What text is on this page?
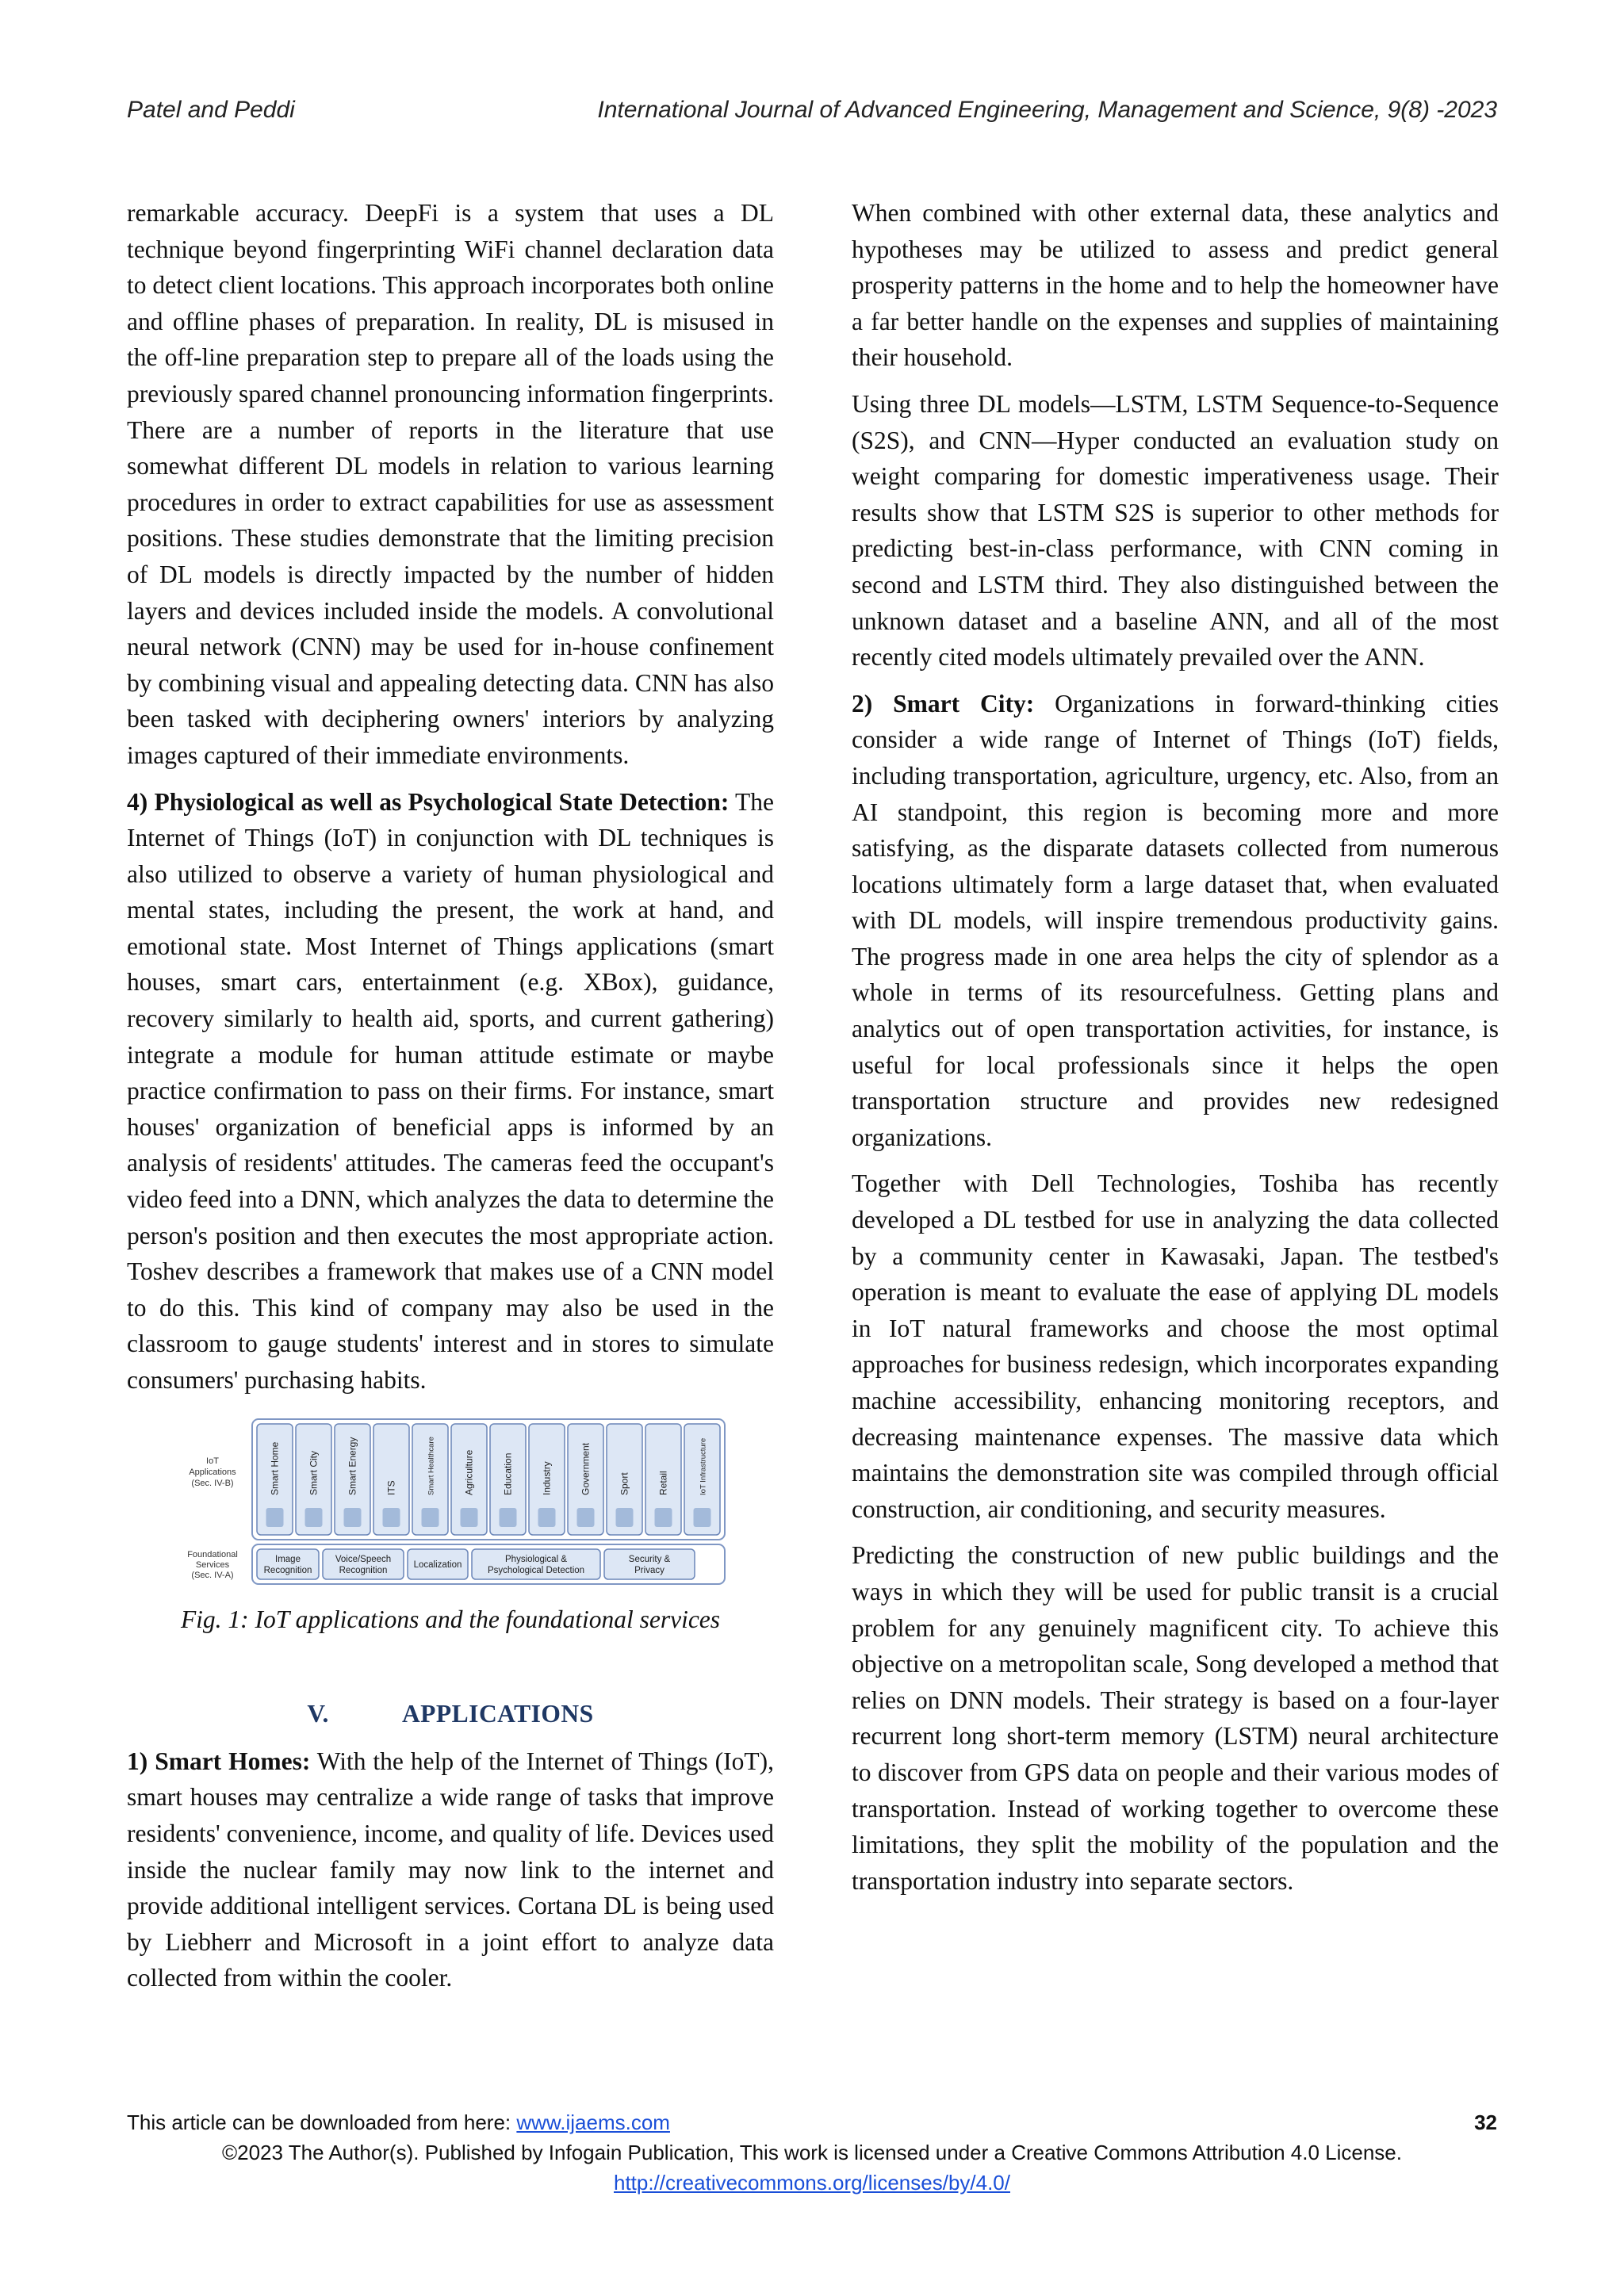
Patel and Peddi	International Journal of Advanced Engineering, Management and Science, 9(8) -2023

remarkable accuracy. DeepFi is a system that uses a DL technique beyond fingerprinting WiFi channel declaration data to detect client locations. This approach incorporates both online and offline phases of preparation. In reality, DL is misused in the off-line preparation step to prepare all of the loads using the previously spared channel pronouncing information fingerprints. There are a number of reports in the literature that use somewhat different DL models in relation to various learning procedures in order to extract capabilities for use as assessment positions. These studies demonstrate that the limiting precision of DL models is directly impacted by the number of hidden layers and devices included inside the models. A convolutional neural network (CNN) may be used for in-house confinement by combining visual and appealing detecting data. CNN has also been tasked with deciphering owners' interiors by analyzing images captured of their immediate environments.

4) Physiological as well as Psychological State Detection: The Internet of Things (IoT) in conjunction with DL techniques is also utilized to observe a variety of human physiological and mental states, including the present, the work at hand, and emotional state. Most Internet of Things applications (smart houses, smart cars, entertainment (e.g. XBox), guidance, recovery similarly to health aid, sports, and current gathering) integrate a module for human attitude estimate or maybe practice confirmation to pass on their firms. For instance, smart houses' organization of beneficial apps is informed by an analysis of residents' attitudes. The cameras feed the occupant's video feed into a DNN, which analyzes the data to determine the person's position and then executes the most appropriate action. Toshev describes a framework that makes use of a CNN model to do this. This kind of company may also be used in the classroom to gauge students' interest and in stores to simulate consumers' purchasing habits.

IoT
Applications
(Sec. IV-B)
Foundational
Services
(Sec. IV-A)
Smart Home	Smart City	Smart Energy	ITS	Smart Healthcare	Agriculture	Education	Industry	Government	Sport	Retail	IoT Infrastructure
Image
Recognition
Voice/Speech
Recognition
Localization
Physiological &
Psychological Detection
Security &
Privacy
Fig. 1: IoT applications and the foundational services
V.	APPLICATIONS

1) Smart Homes: With the help of the Internet of Things (IoT), smart houses may centralize a wide range of tasks that improve residents' convenience, income, and quality of life. Devices used inside the nuclear family may now link to the internet and provide additional intelligent services. Cortana DL is being used by Liebherr and Microsoft in a joint effort to analyze data collected from within the cooler.

When combined with other external data, these analytics and hypotheses may be utilized to assess and predict general prosperity patterns in the home and to help the homeowner have a far better handle on the expenses and supplies of maintaining their household.

Using three DL models—LSTM, LSTM Sequence-to-Sequence (S2S), and CNN—Hyper conducted an evaluation study on weight comparing for domestic imperativeness usage. Their results show that LSTM S2S is superior to other methods for predicting best-in-class performance, with CNN coming in second and LSTM third. They also distinguished between the unknown dataset and a baseline ANN, and all of the most recently cited models ultimately prevailed over the ANN.

2) Smart City: Organizations in forward-thinking cities consider a wide range of Internet of Things (IoT) fields, including transportation, agriculture, urgency, etc. Also, from an AI standpoint, this region is becoming more and more satisfying, as the disparate datasets collected from numerous locations ultimately form a large dataset that, when evaluated with DL models, will inspire tremendous productivity gains. The progress made in one area helps the city of splendor as a whole in terms of its resourcefulness. Getting plans and analytics out of open transportation activities, for instance, is useful for local professionals since it helps the open transportation structure and provides new redesigned organizations.

Together with Dell Technologies, Toshiba has recently developed a DL testbed for use in analyzing the data collected by a community center in Kawasaki, Japan. The testbed's operation is meant to evaluate the ease of applying DL models in IoT natural frameworks and choose the most optimal approaches for business redesign, which incorporates expanding machine accessibility, enhancing monitoring receptors, and decreasing maintenance expenses. The massive data which maintains the demonstration site was compiled through official construction, air conditioning, and security measures.

Predicting the construction of new public buildings and the ways in which they will be used for public transit is a crucial problem for any genuinely magnificent city. To achieve this objective on a metropolitan scale, Song developed a method that relies on DNN models. Their strategy is based on a four-layer recurrent long short-term memory (LSTM) neural architecture to discover from GPS data on people and their various modes of transportation. Instead of working together to overcome these limitations, they split the mobility of the population and the transportation industry into separate sectors.

This article can be downloaded from here: www.ijaems.com	32
©2023 The Author(s). Published by Infogain Publication, This work is licensed under a Creative Commons Attribution 4.0 License.
http://creativecommons.org/licenses/by/4.0/
